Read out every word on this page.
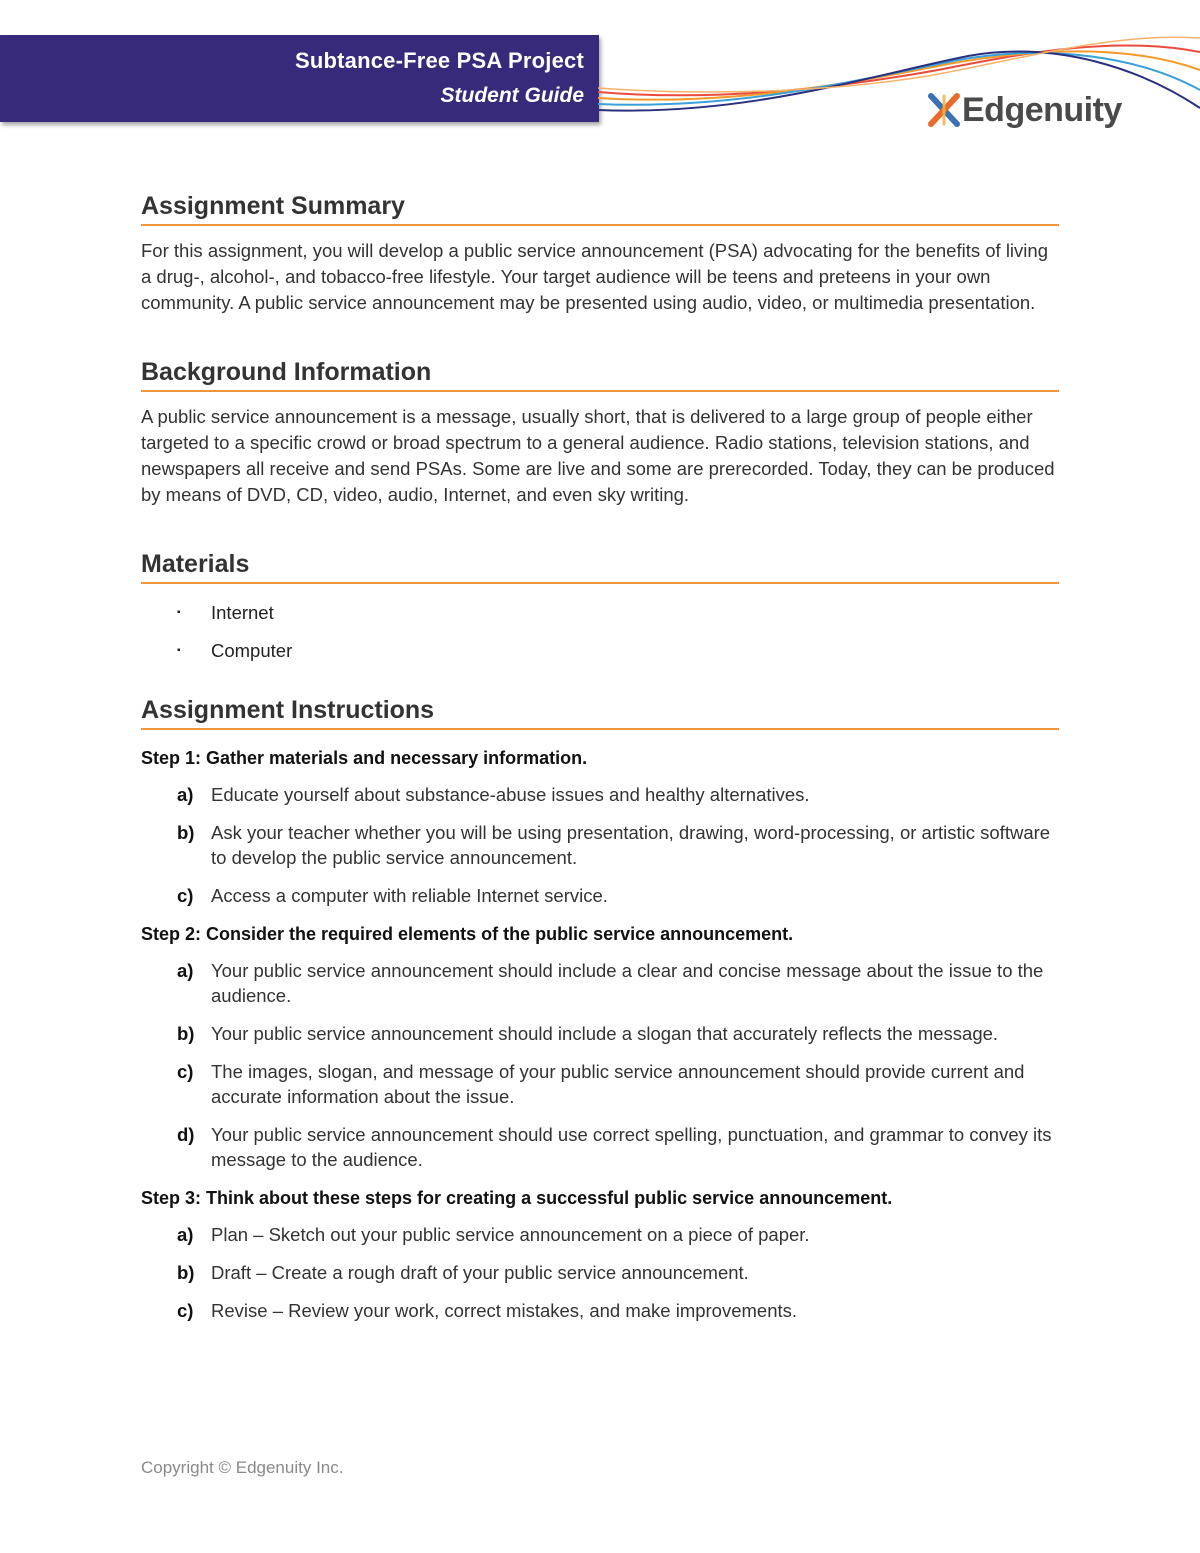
Subtance-Free PSA Project
Student Guide	Edgenuity
Assignment Summary

For this assignment, you will develop a public service announcement (PSA) advocating for the benefits of living a drug-, alcohol-, and tobacco-free lifestyle. Your target audience will be teens and preteens in your own community. A public service announcement may be presented using audio, video, or multimedia presentation.

Background Information

A public service announcement is a message, usually short, that is delivered to a large group of people either targeted to a specific crowd or broad spectrum to a general audience. Radio stations, television stations, and newspapers all receive and send PSAs. Some are live and some are prerecorded. Today, they can be produced by means of DVD, CD, video, audio, Internet, and even sky writing.

Materials
▪	Internet
▪	Computer
Assignment Instructions
Step 1: Gather materials and necessary information.
a) Educate yourself about substance-abuse issues and healthy alternatives.
b) Ask your teacher whether you will be using presentation, drawing, word-processing, or artistic software to develop the public service announcement.
c) Access a computer with reliable Internet service.
Step 2: Consider the required elements of the public service announcement.
a) Your public service announcement should include a clear and concise message about the issue to the audience.
b) Your public service announcement should include a slogan that accurately reflects the message.
c) The images, slogan, and message of your public service announcement should provide current and accurate information about the issue.
d) Your public service announcement should use correct spelling, punctuation, and grammar to convey its message to the audience.
Step 3: Think about these steps for creating a successful public service announcement.
a) Plan – Sketch out your public service announcement on a piece of paper.
b) Draft – Create a rough draft of your public service announcement.
c) Revise – Review your work, correct mistakes, and make improvements.
Copyright © Edgenuity Inc.
